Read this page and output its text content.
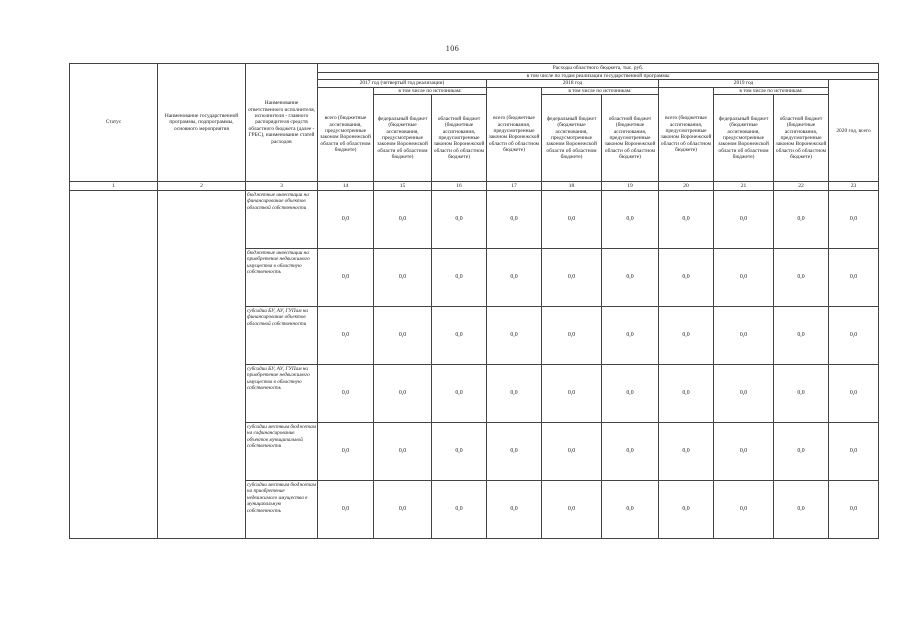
106
Статус	Наименование государственной программы, подпрограммы, основного мероприятия	Наименование ответственного исполнителя, исполнителя - главного распорядителя средств областного бюджета (далее - ГРБС), наименование статей расходов	Расходы областного бюджета, тыс. руб.									
			в том числе по годам реализации государственной программы									
			2017 год (четвертый год реализации)			2018 год			2019 год			2020 год, всего
			всего (бюджетные ассигнования, предусмотренные законом Воронежской области об областном бюджете)	в том числе по источникам:		всего (бюджетные ассигнования, предусмотренные законом Воронежской области об областном бюджете)	в том числе по источникам:		всего (бюджетные ассигнования, предусмотренные законом Воронежской области об областном бюджете)	в том числе по источникам:		
				федеральный бюджет (бюджетные ассигнования, предусмотренные законом Воронежской области об областном бюджете)	областной бюджет (бюджетные ассигнования, предусмотренные законом Воронежской области об областном бюджете)		федеральный бюджет (бюджетные ассигнования, предусмотренные законом Воронежской области об областном бюджете)	областной бюджет (бюджетные ассигнования, предусмотренные законом Воронежской области об областном бюджете)		федеральный бюджет (бюджетные ассигнования, предусмотренные законом Воронежской области об областном бюджете)	областной бюджет (бюджетные ассигнования, предусмотренные законом Воронежской области об областном бюджете)	
1	2	3	14	15	16	17	18	19	20	21	22	23
		бюджетные инвестиции на финансирование объектов областной собственности	0,0	0,0	0,0	0,0	0,0	0,0	0,0	0,0	0,0	0,0
		бюджетные инвестиции на приобретение недвижимого имущества в областную собственность	0,0	0,0	0,0	0,0	0,0	0,0	0,0	0,0	0,0	0,0
		субсидии БУ, АУ, ГУПам на финансирование объектов областной собственности	0,0	0,0	0,0	0,0	0,0	0,0	0,0	0,0	0,0	0,0
		субсидии БУ, АУ, ГУПам на приобретение недвижимого имущества в областную собственность	0,0	0,0	0,0	0,0	0,0	0,0	0,0	0,0	0,0	0,0
		субсидии местным бюджетам на софинансирование объектов муниципальной собственности	0,0	0,0	0,0	0,0	0,0	0,0	0,0	0,0	0,0	0,0
		субсидии местным бюджетам на приобретение недвижимого имущества в муниципальную собственность	0,0	0,0	0,0	0,0	0,0	0,0	0,0	0,0	0,0	0,0
